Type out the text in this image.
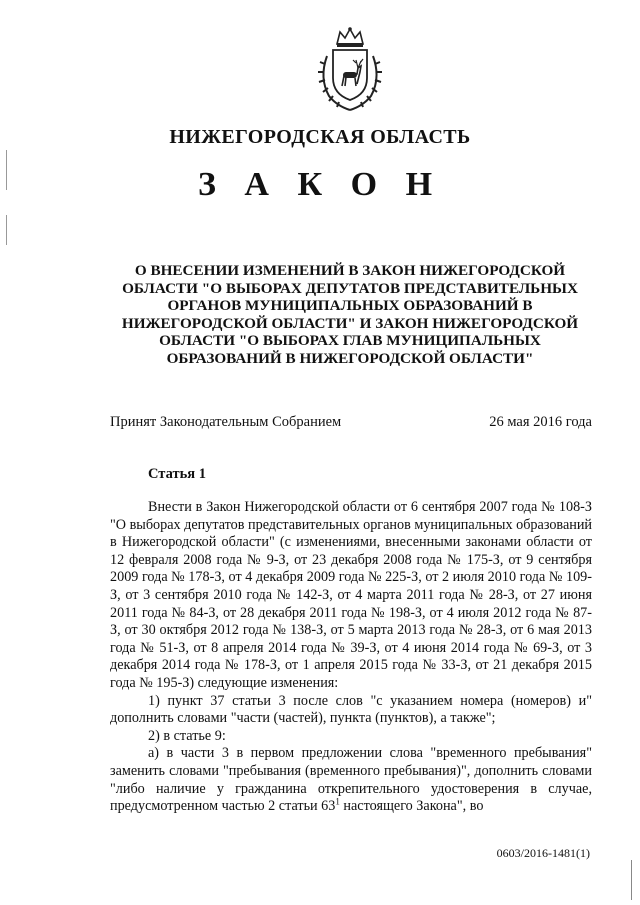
НИЖЕГОРОДСКАЯ ОБЛАСТЬ
З А К О Н
О ВНЕСЕНИИ ИЗМЕНЕНИЙ В ЗАКОН НИЖЕГОРОДСКОЙ
ОБЛАСТИ "О ВЫБОРАХ ДЕПУТАТОВ ПРЕДСТАВИТЕЛЬНЫХ
ОРГАНОВ МУНИЦИПАЛЬНЫХ ОБРАЗОВАНИЙ В
НИЖЕГОРОДСКОЙ ОБЛАСТИ" И ЗАКОН НИЖЕГОРОДСКОЙ
ОБЛАСТИ "О ВЫБОРАХ ГЛАВ МУНИЦИПАЛЬНЫХ
ОБРАЗОВАНИЙ В НИЖЕГОРОДСКОЙ ОБЛАСТИ"
Принят Законодательным Собранием	26 мая 2016 года
Статья 1

Внести в Закон Нижегородской области от 6 сентября 2007 года № 108-З "О выборах депутатов представительных органов муниципальных образований в Нижегородской области" (с изменениями, внесенными законами области от 12 февраля 2008 года № 9-З, от 23 декабря 2008 года № 175-З, от 9 сентября 2009 года № 178-З, от 4 декабря 2009 года № 225-З, от 2 июля 2010 года № 109-З, от 3 сентября 2010 года № 142-З, от 4 марта 2011 года № 28-З, от 27 июня 2011 года № 84-З, от 28 декабря 2011 года № 198-З, от 4 июля 2012 года № 87-З, от 30 октября 2012 года № 138-З, от 5 марта 2013 года № 28-З, от 6 мая 2013 года № 51-З, от 8 апреля 2014 года № 39-З, от 4 июня 2014 года № 69-З, от 3 декабря 2014 года № 178-З, от 1 апреля 2015 года № 33-З, от 21 декабря 2015 года № 195-З) следующие изменения:

1) пункт 37 статьи 3 после слов "с указанием номера (номеров) и" дополнить словами "части (частей), пункта (пунктов), а также";

2) в статье 9:

а) в части 3 в первом предложении слова "временного пребывания" заменить словами "пребывания (временного пребывания)", дополнить словами "либо наличие у гражданина открепительного удостоверения в случае, предусмотренном частью 2 статьи $63^1$ настоящего Закона", во

0603/2016-1481(1)
